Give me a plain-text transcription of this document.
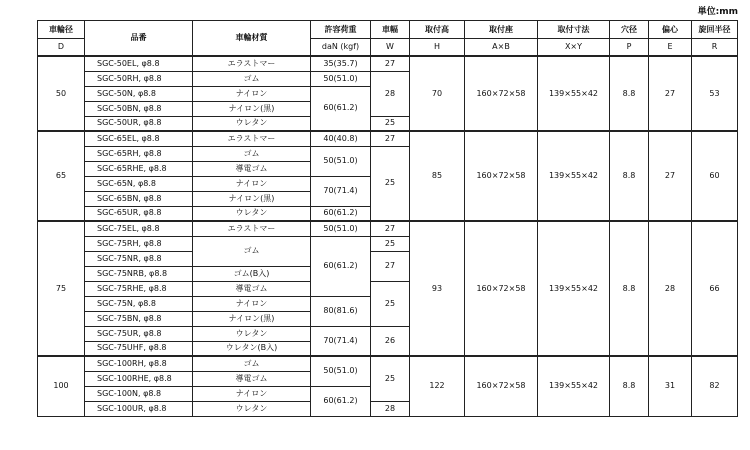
単位:mm
車輪径	品番	車輪材質	許容荷重	車幅	取付高	取付座	取付寸法	穴径	偏心	旋回半径
D			daN (kgf)	W	H	A×B	X×Y	P	E	R
50	SGC-50EL, φ8.8	エラストマー	35(35.7)	27	70	160×72×58	139×55×42	8.8	27	53
	SGC-50RH, φ8.8	ゴム	50(51.0)	28						
	SGC-50N, φ8.8	ナイロン	60(61.2)							
	SGC-50BN, φ8.8	ナイロン(黒)								
	SGC-50UR, φ8.8	ウレタン		25						
65	SGC-65EL, φ8.8	エラストマー	40(40.8)	27	85	160×72×58	139×55×42	8.8	27	60
	SGC-65RH, φ8.8	ゴム	50(51.0)	25						
	SGC-65RHE, φ8.8	導電ゴム								
	SGC-65N, φ8.8	ナイロン	70(71.4)							
	SGC-65BN, φ8.8	ナイロン(黒)								
	SGC-65UR, φ8.8	ウレタン	60(61.2)							
75	SGC-75EL, φ8.8	エラストマー	50(51.0)	27	93	160×72×58	139×55×42	8.8	28	66
	SGC-75RH, φ8.8	ゴム	60(61.2)	25						
	SGC-75NR, φ8.8			27						
	SGC-75NRB, φ8.8	ゴム(B入)								
	SGC-75RHE, φ8.8	導電ゴム		25						
	SGC-75N, φ8.8	ナイロン	80(81.6)							
	SGC-75BN, φ8.8	ナイロン(黒)								
	SGC-75UR, φ8.8	ウレタン	70(71.4)	26						
	SGC-75UHF, φ8.8	ウレタン(B入)								
100	SGC-100RH, φ8.8	ゴム	50(51.0)	25	122	160×72×58	139×55×42	8.8	31	82
	SGC-100RHE, φ8.8	導電ゴム								
	SGC-100N, φ8.8	ナイロン	60(61.2)							
	SGC-100UR, φ8.8	ウレタン		28						
